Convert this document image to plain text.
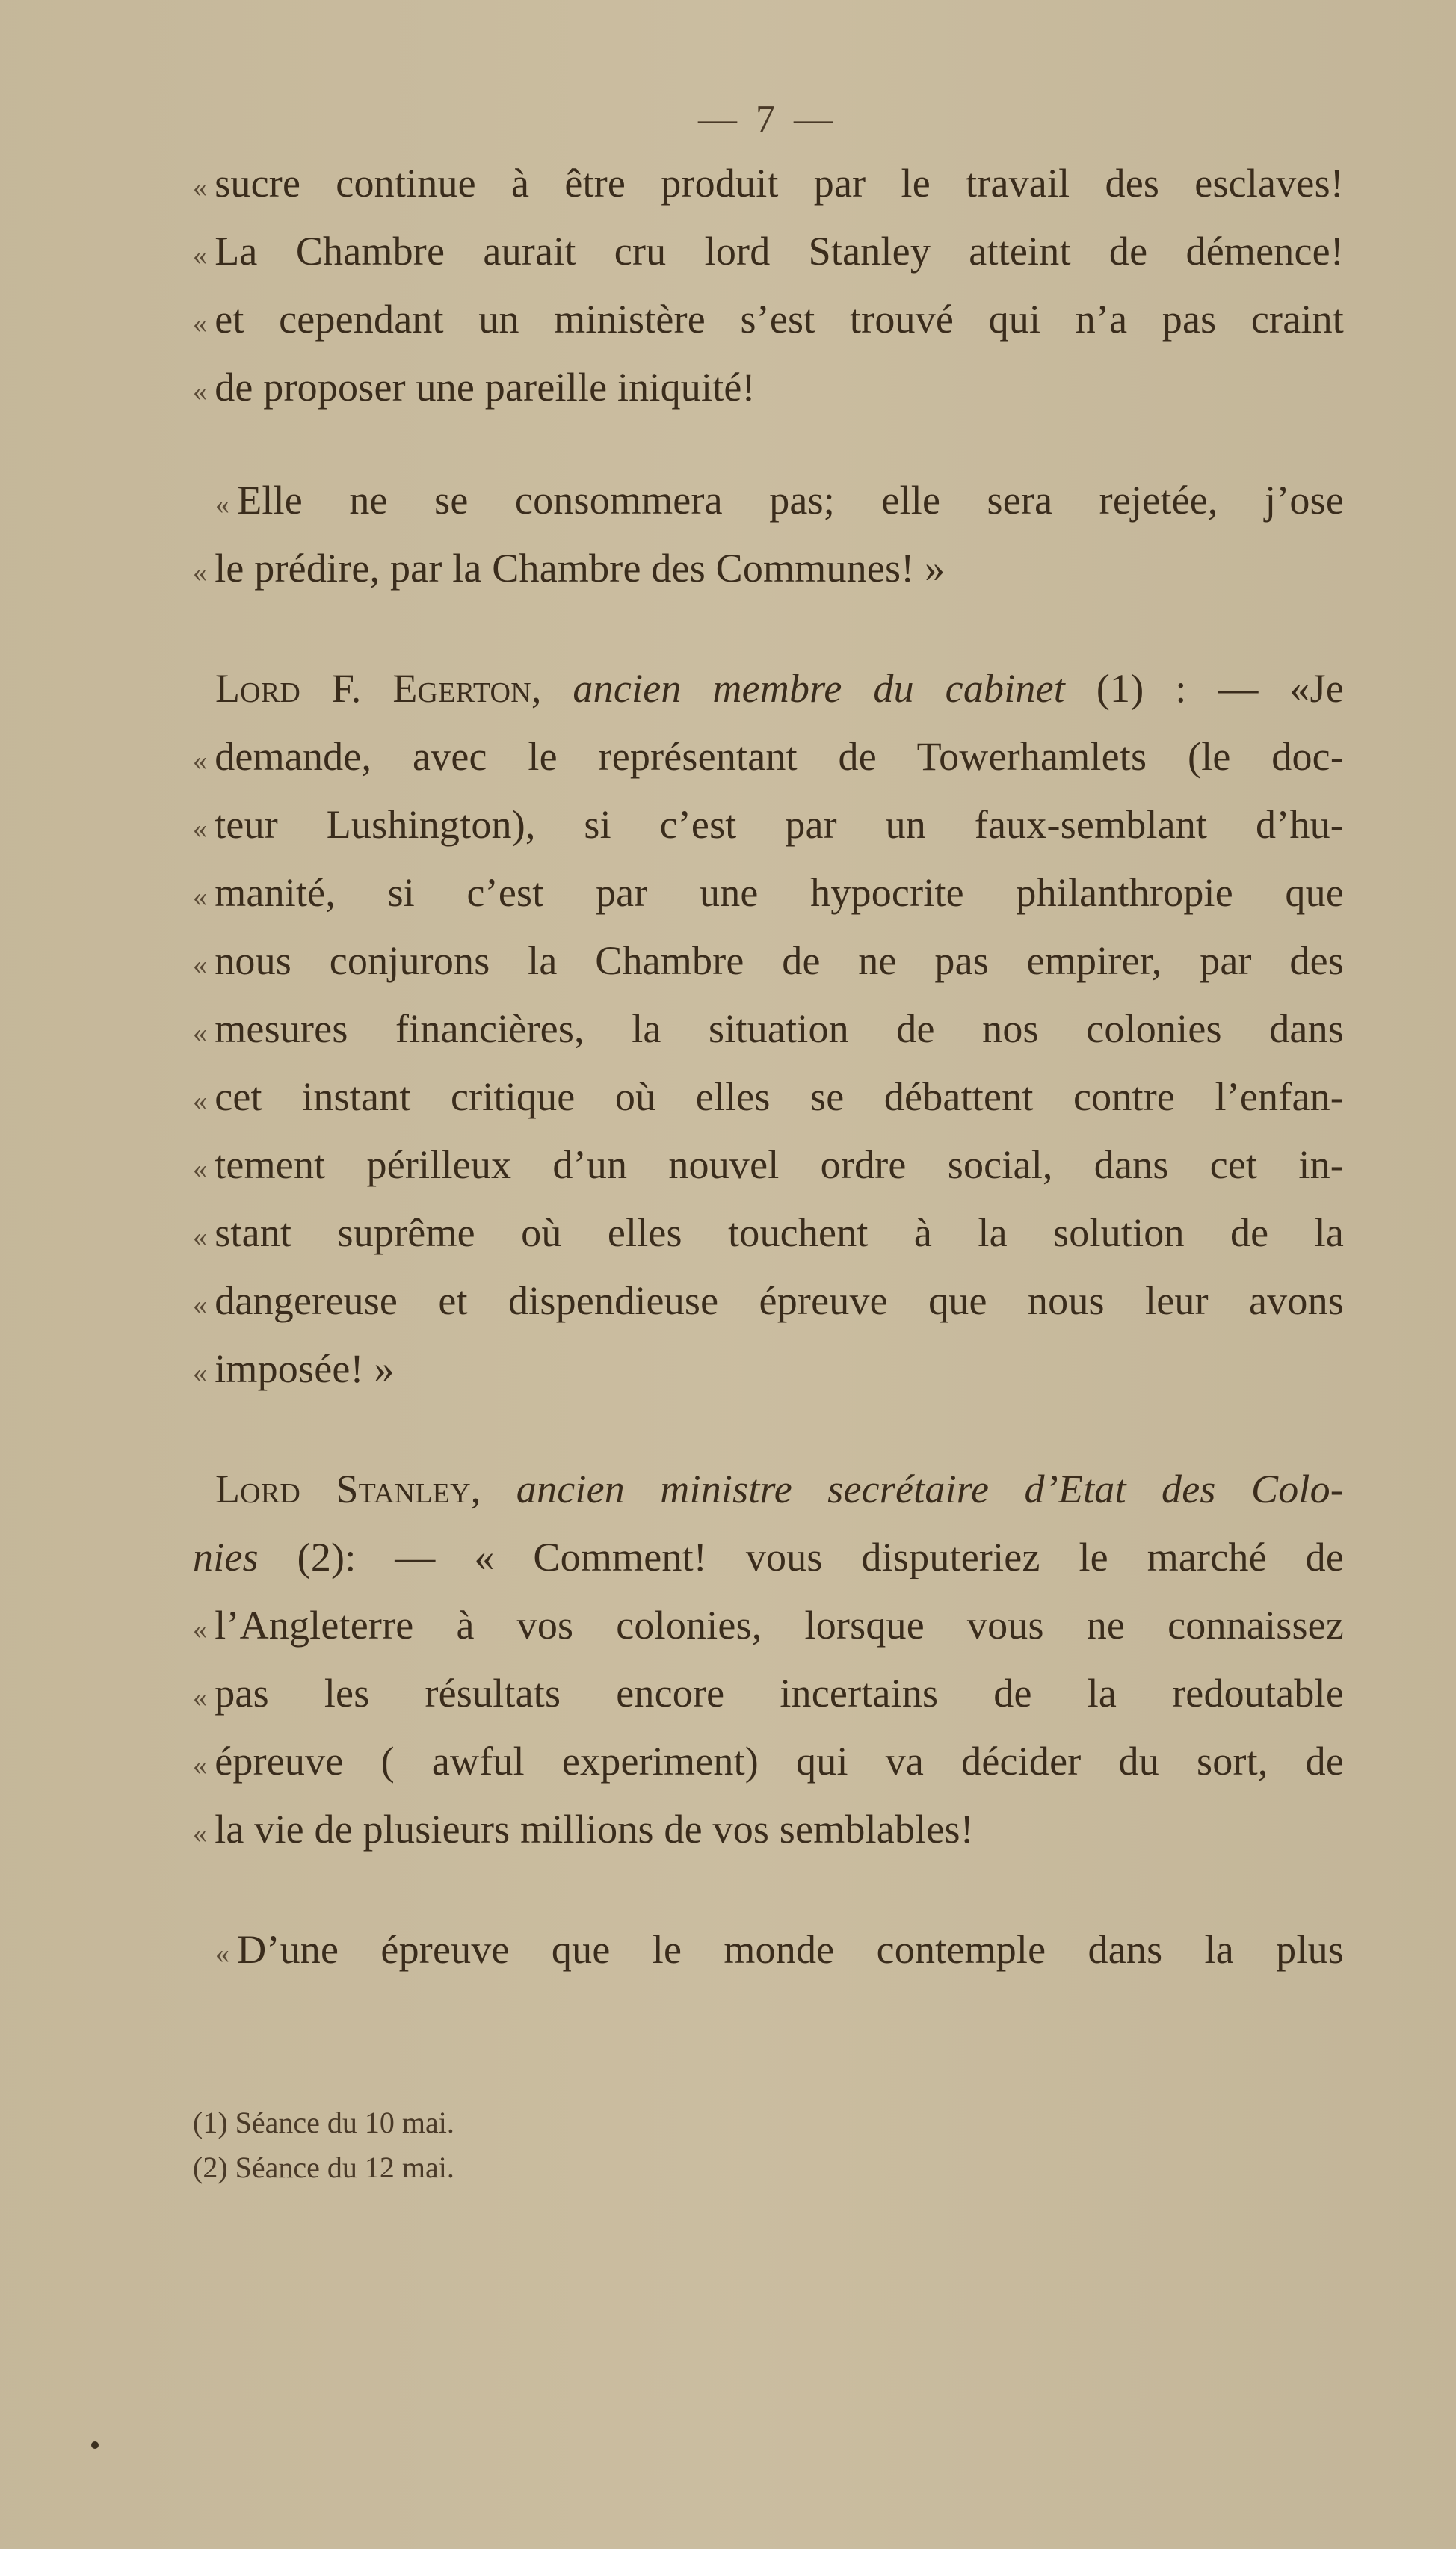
— 7 —
« sucre continue à être produit par le travail des esclaves!
« La Chambre aurait cru lord Stanley atteint de démence!
« et cependant un ministère s’est trouvé qui n’a pas craint
« de proposer une pareille iniquité!
« Elle ne se consommera pas; elle sera rejetée, j’ose
« le prédire, par la Chambre des Communes! »
Lord F. Egerton, ancien membre du cabinet (1) : — «Je
« demande, avec le représentant de Towerhamlets (le doc-
« teur Lushington), si c’est par un faux-semblant d’hu-
« manité, si c’est par une hypocrite philanthropie que
« nous conjurons la Chambre de ne pas empirer, par des
« mesures financières, la situation de nos colonies dans
« cet instant critique où elles se débattent contre l’enfan-
« tement périlleux d’un nouvel ordre social, dans cet in-
« stant suprême où elles touchent à la solution de la
« dangereuse et dispendieuse épreuve que nous leur avons
« imposée! »
Lord Stanley, ancien ministre secrétaire d’Etat des Colo-
nies (2): — « Comment! vous disputeriez le marché de
« l’Angleterre à vos colonies, lorsque vous ne connaissez
« pas les résultats encore incertains de la redoutable
« épreuve ( awful experiment) qui va décider du sort, de
« la vie de plusieurs millions de vos semblables!
« D’une épreuve que le monde contemple dans la plus
(1) Séance du 10 mai.
(2) Séance du 12 mai.
